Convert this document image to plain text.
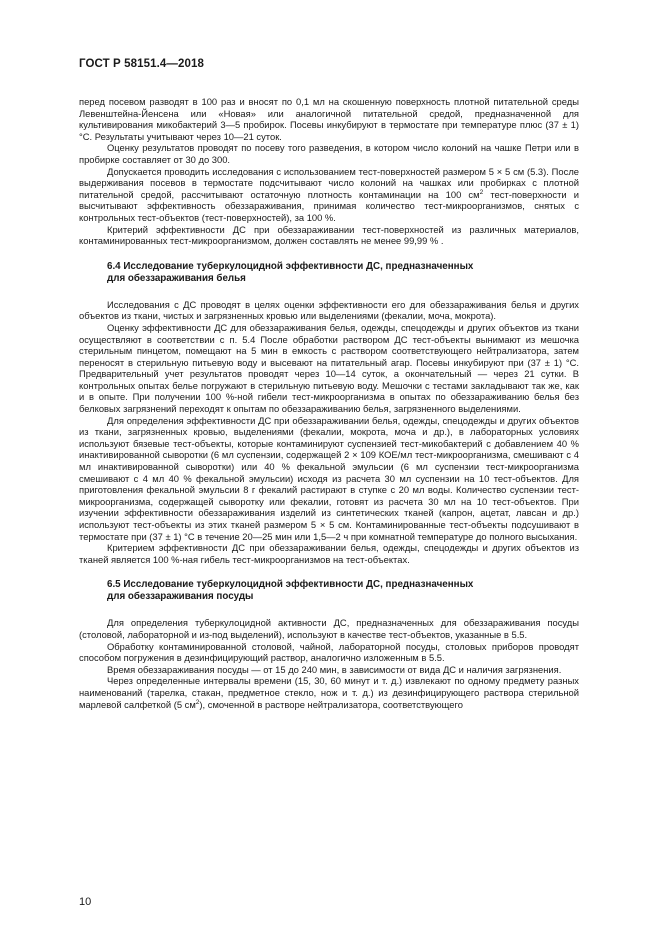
ГОСТ Р 58151.4—2018

перед посевом разводят в 100 раз и вносят по 0,1 мл на скошенную поверхность плотной питательной среды Левенштейна-Йенсена или «Новая» или аналогичной питательной средой, предназначенной для культивирования микобактерий 3—5 пробирок. Посевы инкубируют в термостате при температуре плюс (37 ± 1)°С. Результаты учитывают через 10—21 суток.

Оценку результатов проводят по посеву того разведения, в котором число колоний на чашке Петри или в пробирке составляет от 30 до 300.

Допускается проводить исследования с использованием тест-поверхностей размером 5 × 5 см (5.3). После выдерживания посевов в термостате подсчитывают число колоний на чашках или пробирках с плотной питательной средой, рассчитывают остаточную плотность контаминации на 100 $см^2$ тест-поверхности и высчитывают эффективность обеззараживания, принимая количество тест-микроорганизмов, снятых с контрольных тест-объектов (тест-поверхностей), за 100 %.

Критерий эффективности ДС при обеззараживании тест-поверхностей из различных материалов, контаминированных тест-микроорганизмом, должен составлять не менее 99,99 % .

6.4 Исследование туберкулоцидной эффективности ДС, предназначенных
для обеззараживания белья

Исследования с ДС проводят в целях оценки эффективности его для обеззараживания белья и других объектов из ткани, чистых и загрязненных кровью или выделениями (фекалии, моча, мокрота).

Оценку эффективности ДС для обеззараживания белья, одежды, спецодежды и других объектов из ткани осуществляют в соответствии с п. 5.4 После обработки раствором ДС тест-объекты вынимают из мешочка стерильным пинцетом, помещают на 5 мин в емкость с раствором соответствующего нейтрализатора, затем переносят в стерильную питьевую воду и высевают на питательный агар. Посевы инкубируют при (37 ± 1) °С. Предварительный учет результатов проводят через 10—14 суток, а окончательный — через 21 сутки. В контрольных опытах белье погружают в стерильную питьевую воду. Мешочки с тестами закладывают так же, как и в опыте. При получении 100 %-ной гибели тест-микроорганизма в опытах по обеззараживанию белья без белковых загрязнений переходят к опытам по обеззараживанию белья, загрязненного выделениями.

Для определения эффективности ДС при обеззараживании белья, одежды, спецодежды и других объектов из ткани, загрязненных кровью, выделениями (фекалии, мокрота, моча и др.), в лабораторных условиях используют бязевые тест-объекты, которые контаминируют суспензией тест-микобактерий с добавлением 40 % инактивированной сыворотки (6 мл суспензии, содержащей 2 × 109 КОЕ/мл тест-микроорганизма, смешивают с 4 мл инактивированной сыворотки) или 40 % фекальной эмульсии (6 мл суспензии тест-микроорганизма смешивают с 4 мл 40 % фекальной эмульсии) исходя из расчета 30 мл суспензии на 10 тест-объектов. Для приготовления фекальной эмульсии 8 г фекалий растирают в ступке с 20 мл воды. Количество суспензии тест-микроорганизма, содержащей сыворотку или фекалии, готовят из расчета 30 мл на 10 тест-объектов. При изучении эффективности обеззараживания изделий из синтетических тканей (капрон, ацетат, лавсан и др.) используют тест-объекты из этих тканей размером 5 × 5 см. Контаминированные тест-объекты подсушивают в термостате при (37 ± 1) °С в течение 20—25 мин или 1,5—2 ч при комнатной температуре до полного высыхания.

Критерием эффективности ДС при обеззараживании белья, одежды, спецодежды и других объектов из тканей является 100 %-ная гибель тест-микроорганизмов на тест-объектах.

6.5 Исследование туберкулоцидной эффективности ДС, предназначенных
для обеззараживания посуды

Для определения туберкулоцидной активности ДС, предназначенных для обеззараживания посуды (столовой, лабораторной и из-под выделений), используют в качестве тест-объектов, указанные в 5.5.

Обработку контаминированной столовой, чайной, лабораторной посуды, столовых приборов проводят способом погружения в дезинфицирующий раствор, аналогично изложенным в 5.5.

Время обеззараживания посуды — от 15 до 240 мин, в зависимости от вида ДС и наличия загрязнения.

Через определенные интервалы времени (15, 30, 60 минут и т. д.) извлекают по одному предмету разных наименований (тарелка, стакан, предметное стекло, нож и т. д.) из дезинфицирующего раствора стерильной марлевой салфеткой (5 $см^2$), смоченной в растворе нейтрализатора, соответствующего

10
